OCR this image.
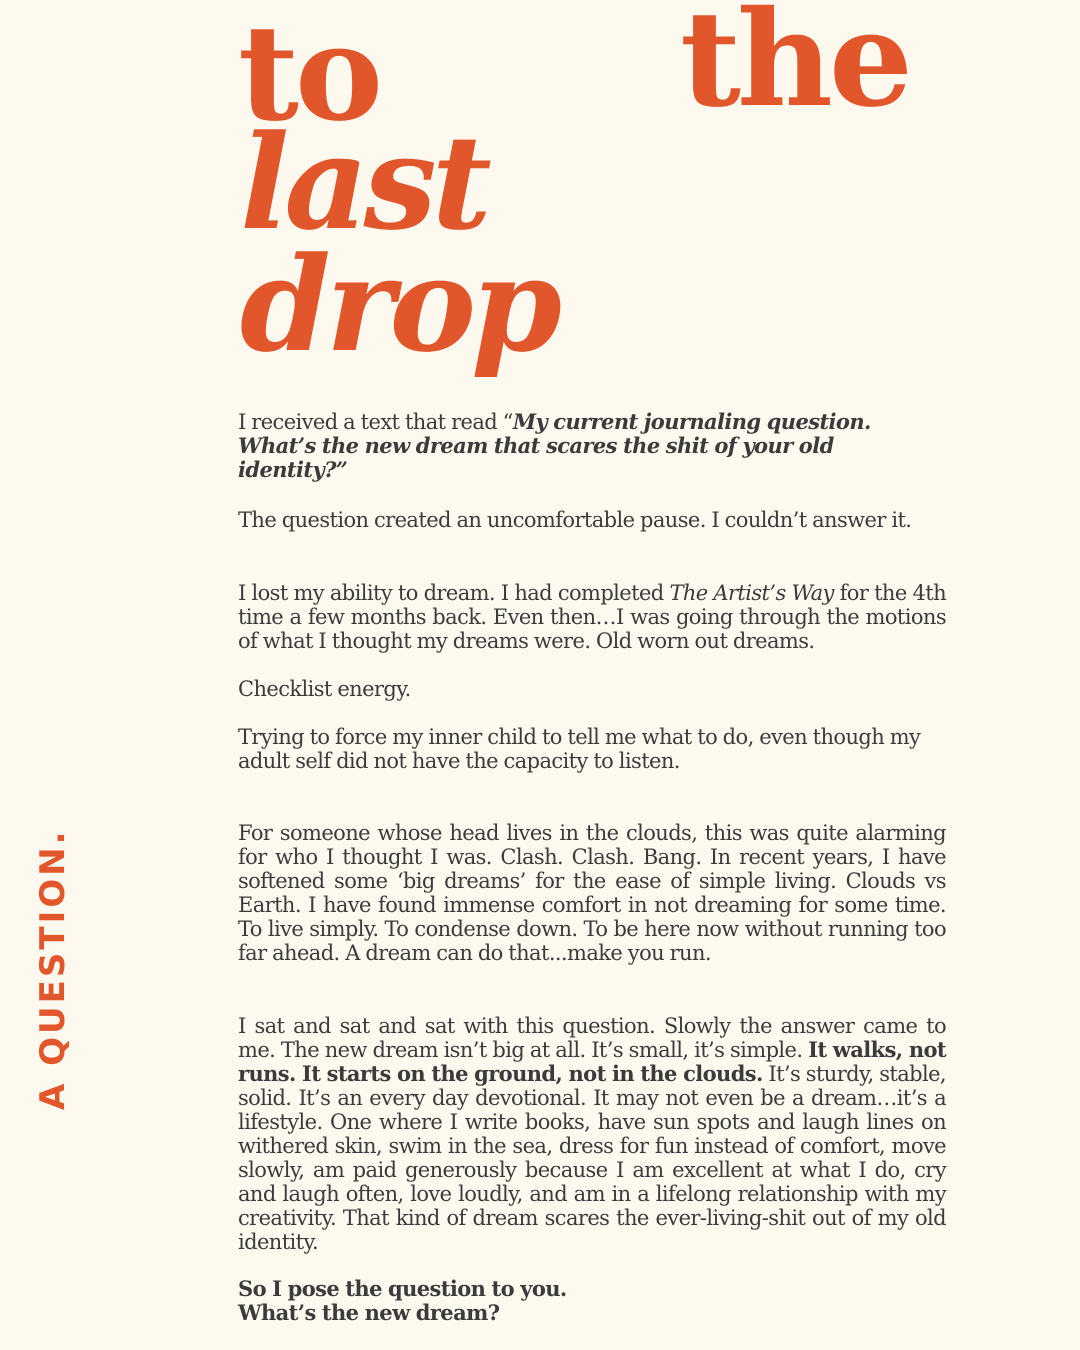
to the
last
drop
A QUESTION.

I received a text that read “My current journaling question. What’s the new dream that scares the shit of your old identity?”

The question created an uncomfortable pause. I couldn’t answer it.

I lost my ability to dream. I had completed The Artist’s Way for the 4th time a few months back. Even then…I was going through the motions of what I thought my dreams were. Old worn out dreams.

Checklist energy.

Trying to force my inner child to tell me what to do, even though my adult self did not have the capacity to listen.

For someone whose head lives in the clouds, this was quite alarming for who I thought I was. Clash. Clash. Bang. In recent years, I have softened some ‘big dreams’ for the ease of simple living. Clouds vs Earth. I have found immense comfort in not dreaming for some time. To live simply. To condense down. To be here now without running too far ahead. A dream can do that...make you run.

I sat and sat and sat with this question. Slowly the answer came to me. The new dream isn’t big at all. It’s small, it’s simple. It walks, not runs. It starts on the ground, not in the clouds. It’s sturdy, stable, solid. It’s an every day devotional. It may not even be a dream…it’s a lifestyle. One where I write books, have sun spots and laugh lines on withered skin, swim in the sea, dress for fun instead of comfort, move slowly, am paid generously because I am excellent at what I do, cry and laugh often, love loudly, and am in a lifelong relationship with my creativity. That kind of dream scares the ever-living-shit out of my old identity.

So I pose the question to you.
What’s the new dream?
